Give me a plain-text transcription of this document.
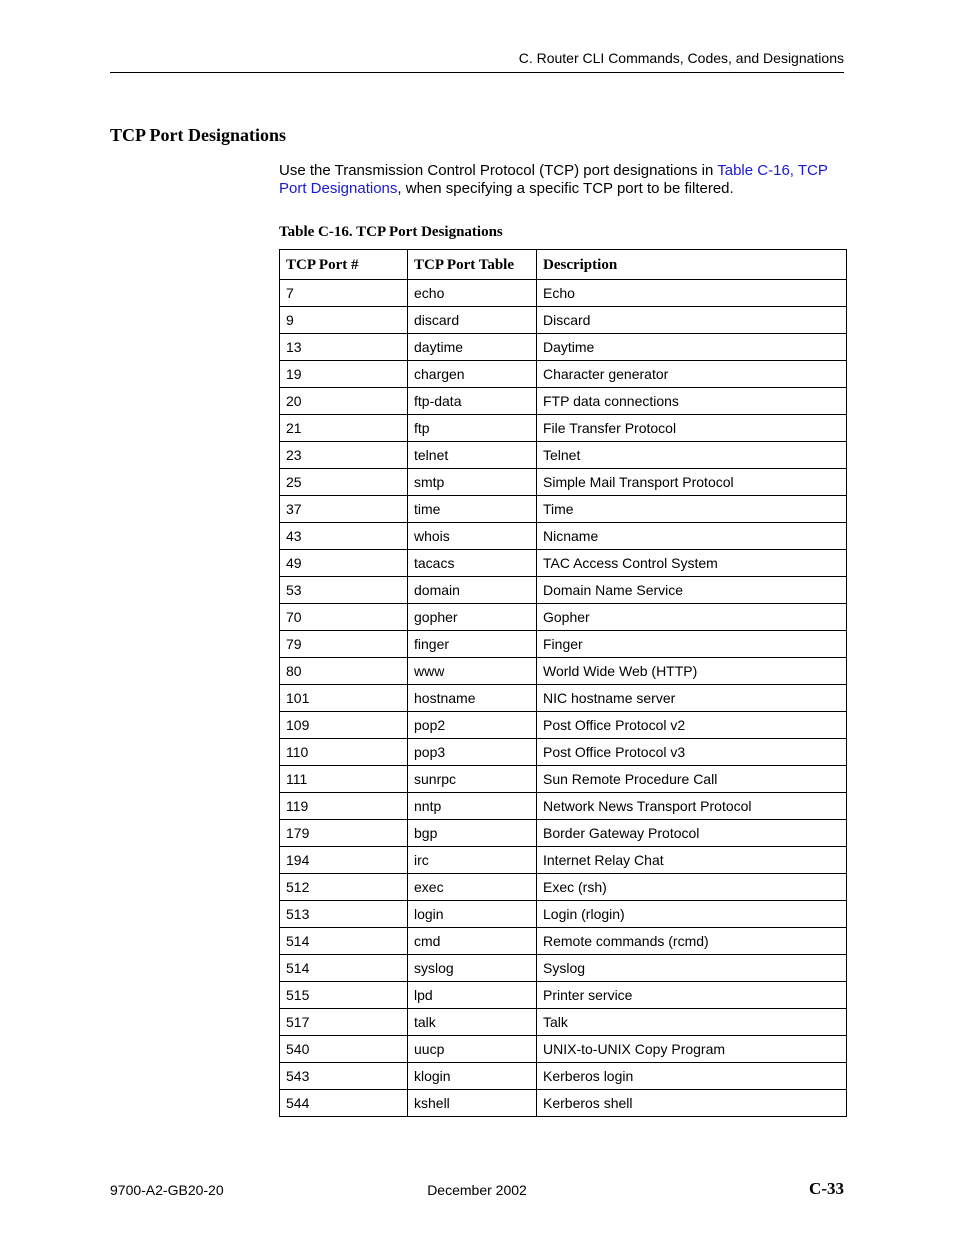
C. Router CLI Commands, Codes, and Designations
TCP Port Designations

Use the Transmission Control Protocol (TCP) port designations in Table C-16, TCP Port Designations, when specifying a specific TCP port to be filtered.

Table C-16. TCP Port Designations
TCP Port #	TCP Port Table	Description
7	echo	Echo
9	discard	Discard
13	daytime	Daytime
19	chargen	Character generator
20	ftp-data	FTP data connections
21	ftp	File Transfer Protocol
23	telnet	Telnet
25	smtp	Simple Mail Transport Protocol
37	time	Time
43	whois	Nicname
49	tacacs	TAC Access Control System
53	domain	Domain Name Service
70	gopher	Gopher
79	finger	Finger
80	www	World Wide Web (HTTP)
101	hostname	NIC hostname server
109	pop2	Post Office Protocol v2
110	pop3	Post Office Protocol v3
111	sunrpc	Sun Remote Procedure Call
119	nntp	Network News Transport Protocol
179	bgp	Border Gateway Protocol
194	irc	Internet Relay Chat
512	exec	Exec (rsh)
513	login	Login (rlogin)
514	cmd	Remote commands (rcmd)
514	syslog	Syslog
515	lpd	Printer service
517	talk	Talk
540	uucp	UNIX-to-UNIX Copy Program
543	klogin	Kerberos login
544	kshell	Kerberos shell
9700-A2-GB20-20	December 2002	C-33
